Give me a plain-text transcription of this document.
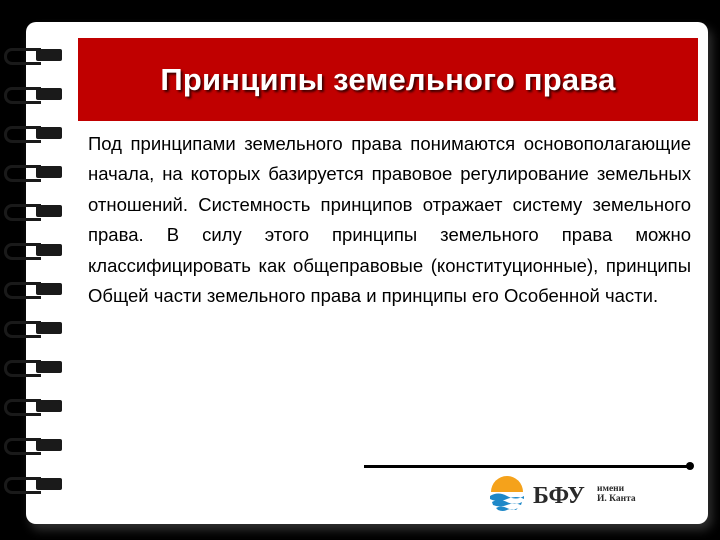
Принципы земельного права
Под принципами земельного права понимаются основополагающие начала, на которых базируется правовое регулирование земельных отношений. Системность принципов отражает систему земельного права. В силу этого принципы земельного права можно классифицировать как общеправовые (конституционные), принципы Общей части земельного права и принципы его Особенной части.
БФУ имени
И. Канта
